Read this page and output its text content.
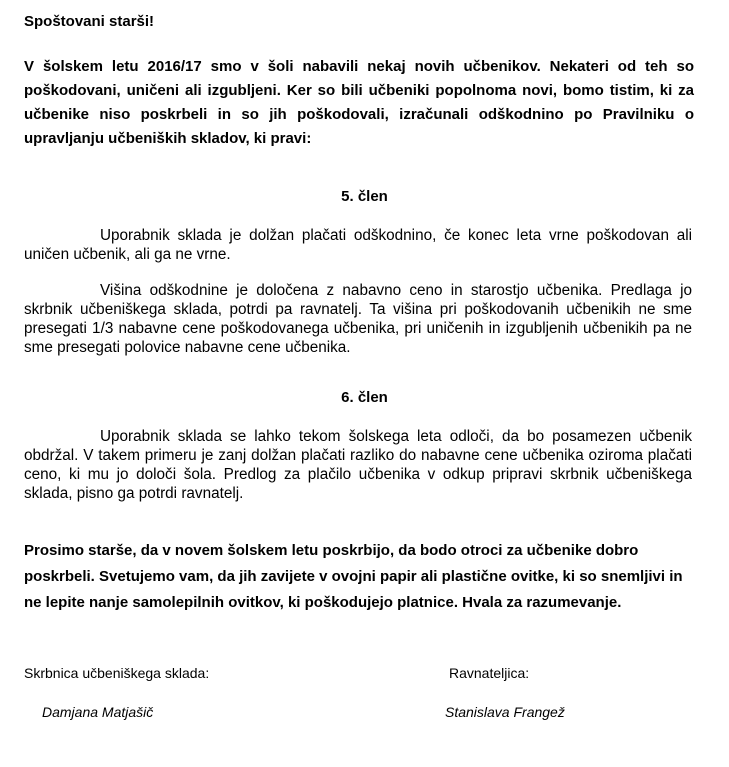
Spoštovani starši!

V šolskem letu 2016/17 smo v šoli nabavili nekaj novih učbenikov. Nekateri od teh so poškodovani, uničeni ali izgubljeni. Ker so bili učbeniki popolnoma novi, bomo tistim, ki za učbenike niso poskrbeli in so jih poškodovali, izračunali odškodnino po Pravilniku o upravljanju učbeniških skladov, ki pravi:

5. člen

Uporabnik sklada je dolžan plačati odškodnino, če konec leta vrne poškodovan ali uničen učbenik, ali ga ne vrne.

Višina odškodnine je določena z nabavno ceno in starostjo učbenika. Predlaga jo skrbnik učbeniškega sklada, potrdi pa ravnatelj. Ta višina pri poškodovanih učbenikih ne sme presegati 1/3 nabavne cene poškodovanega učbenika, pri uničenih in izgubljenih učbenikih pa ne sme presegati polovice nabavne cene učbenika.

6. člen

Uporabnik sklada se lahko tekom šolskega leta odloči, da bo posamezen učbenik obdržal. V takem primeru je zanj dolžan plačati razliko do nabavne cene učbenika oziroma plačati ceno, ki mu jo določi šola. Predlog za plačilo učbenika v odkup pripravi skrbnik učbeniškega sklada, pisno ga potrdi ravnatelj.

Prosimo starše, da v novem šolskem letu poskrbijo, da bodo otroci za učbenike dobro poskrbeli. Svetujemo vam, da jih zavijete v ovojni papir ali plastične ovitke, ki so snemljivi in ne lepite nanje samolepilnih ovitkov, ki poškodujejo platnice. Hvala za razumevanje.

Skrbnica učbeniškega sklada:	Ravnateljica:
Damjana Matjašič	Stanislava Frangež
